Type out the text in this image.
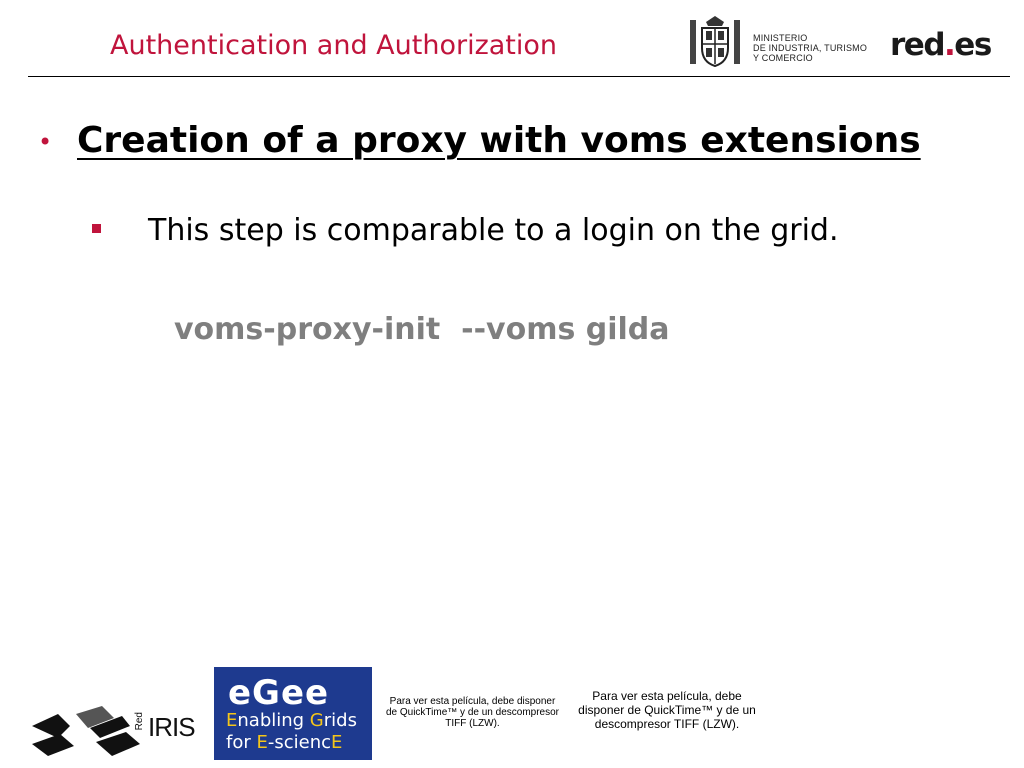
Authentication and Authorization	MINISTERIO
DE INDUSTRIA, TURISMO
Y COMERCIO	red.es
• Creation of a proxy with voms extensions
This step is comparable to a login on the grid.
voms-proxy-init  --voms gilda
Red IRIS
eGee
Enabling Grids
for E-sciencE
Para ver esta película, debe disponer de QuickTime™ y de un descompresor TIFF (LZW).
Para ver esta película, debe disponer de QuickTime™ y de un descompresor TIFF (LZW).
